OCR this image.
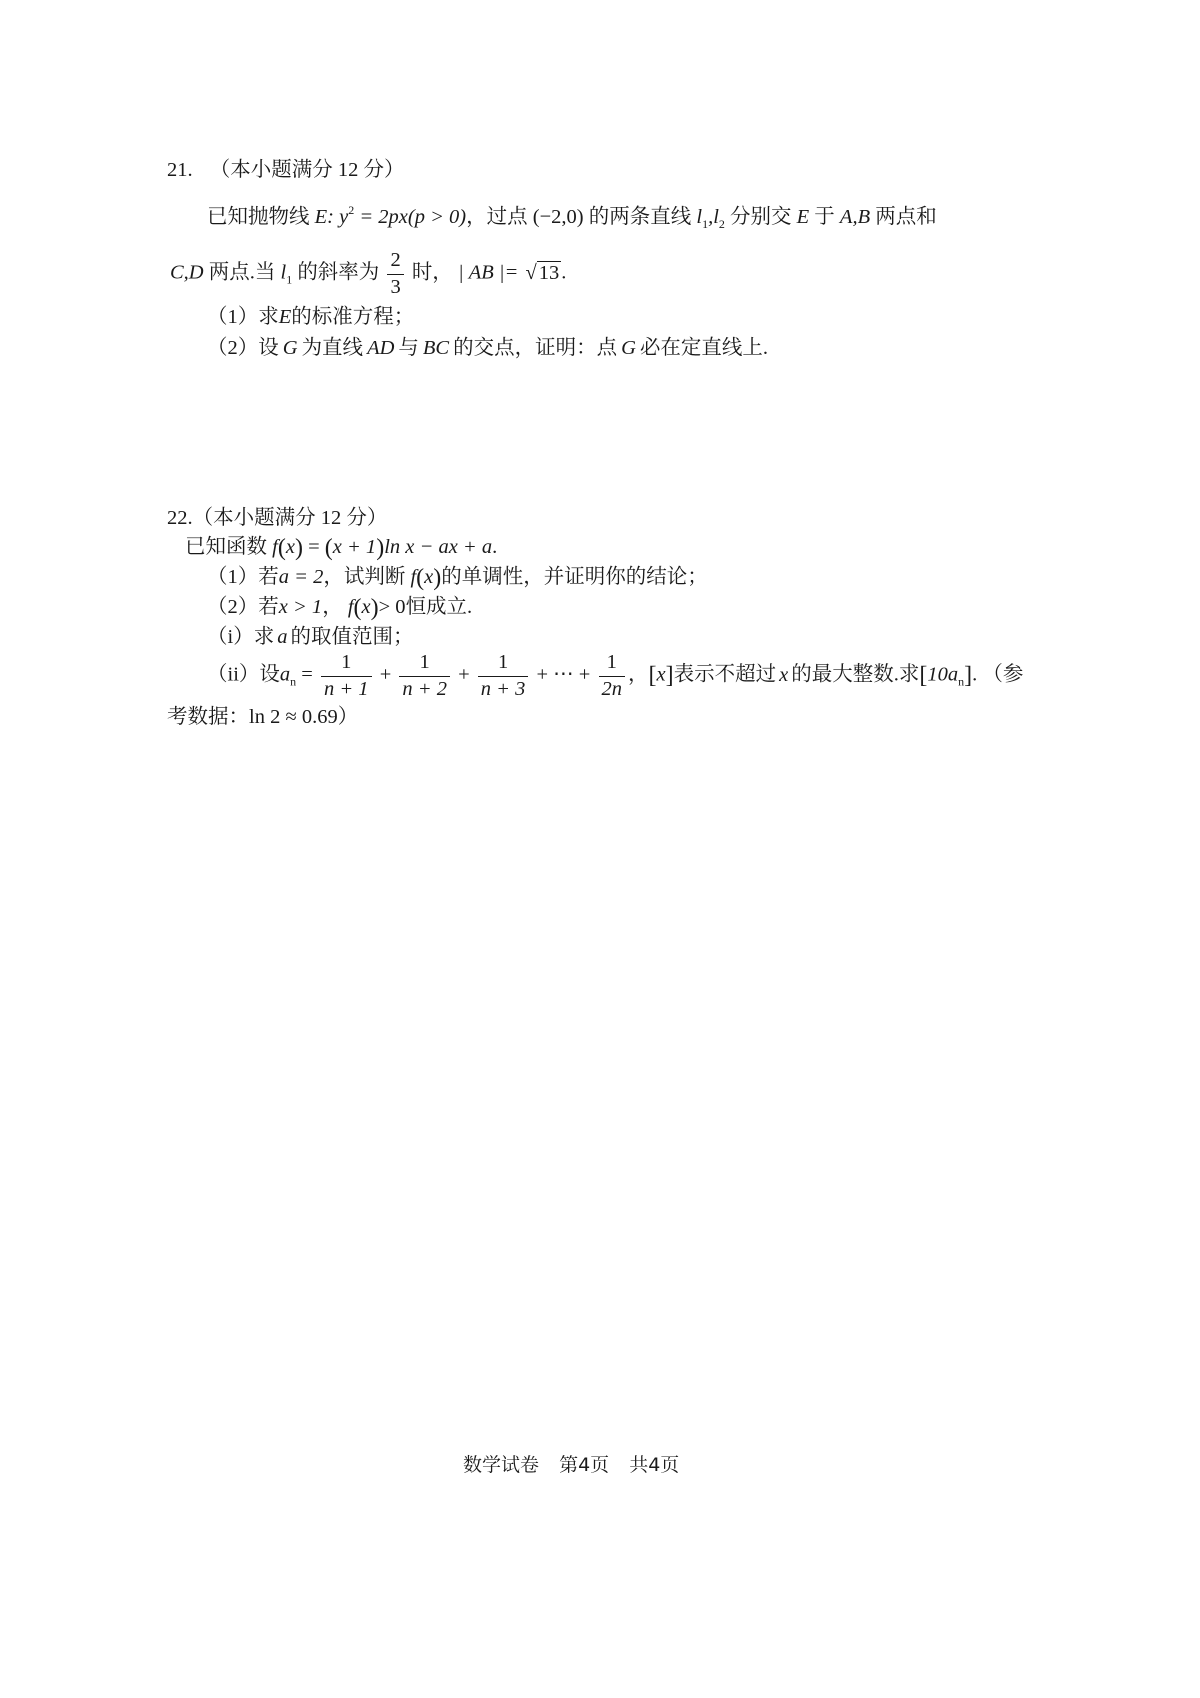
21. （本小题满分 12 分）
已知抛物线 E: $y^2 = 2px(p > 0)$，过点 (−2,0) 的两条直线 $l_1,l_2$ 分别交 E 于 A,B 两点和
C,D 两点.当 $l_1$ 的斜率为 $\frac{2}{3}$ 时， | AB |= √13.
（1）求E的标准方程；
（2）设 G 为直线 AD 与 BC 的交点，证明：点 G 必在定直线上.
22.（本小题满分 12 分）
已知函数 f(x) = (x + 1)ln x − ax + a.
（1）若a = 2，试判断 f(x)的单调性，并证明你的结论；
（2）若x > 1， f(x)> 0恒成立.
（i）求 a 的取值范围；
（ii）设$a_n = \frac{1}{n + 1} + \frac{1}{n + 2} + \frac{1}{n + 3}$ + ⋯ + $\frac{1}{2n}$ ，[x]表示不超过 x 的最大整数.求$[10a_n]$. （参
考数据：ln 2 ≈ 0.69）
数学试卷 第4页 共4页
